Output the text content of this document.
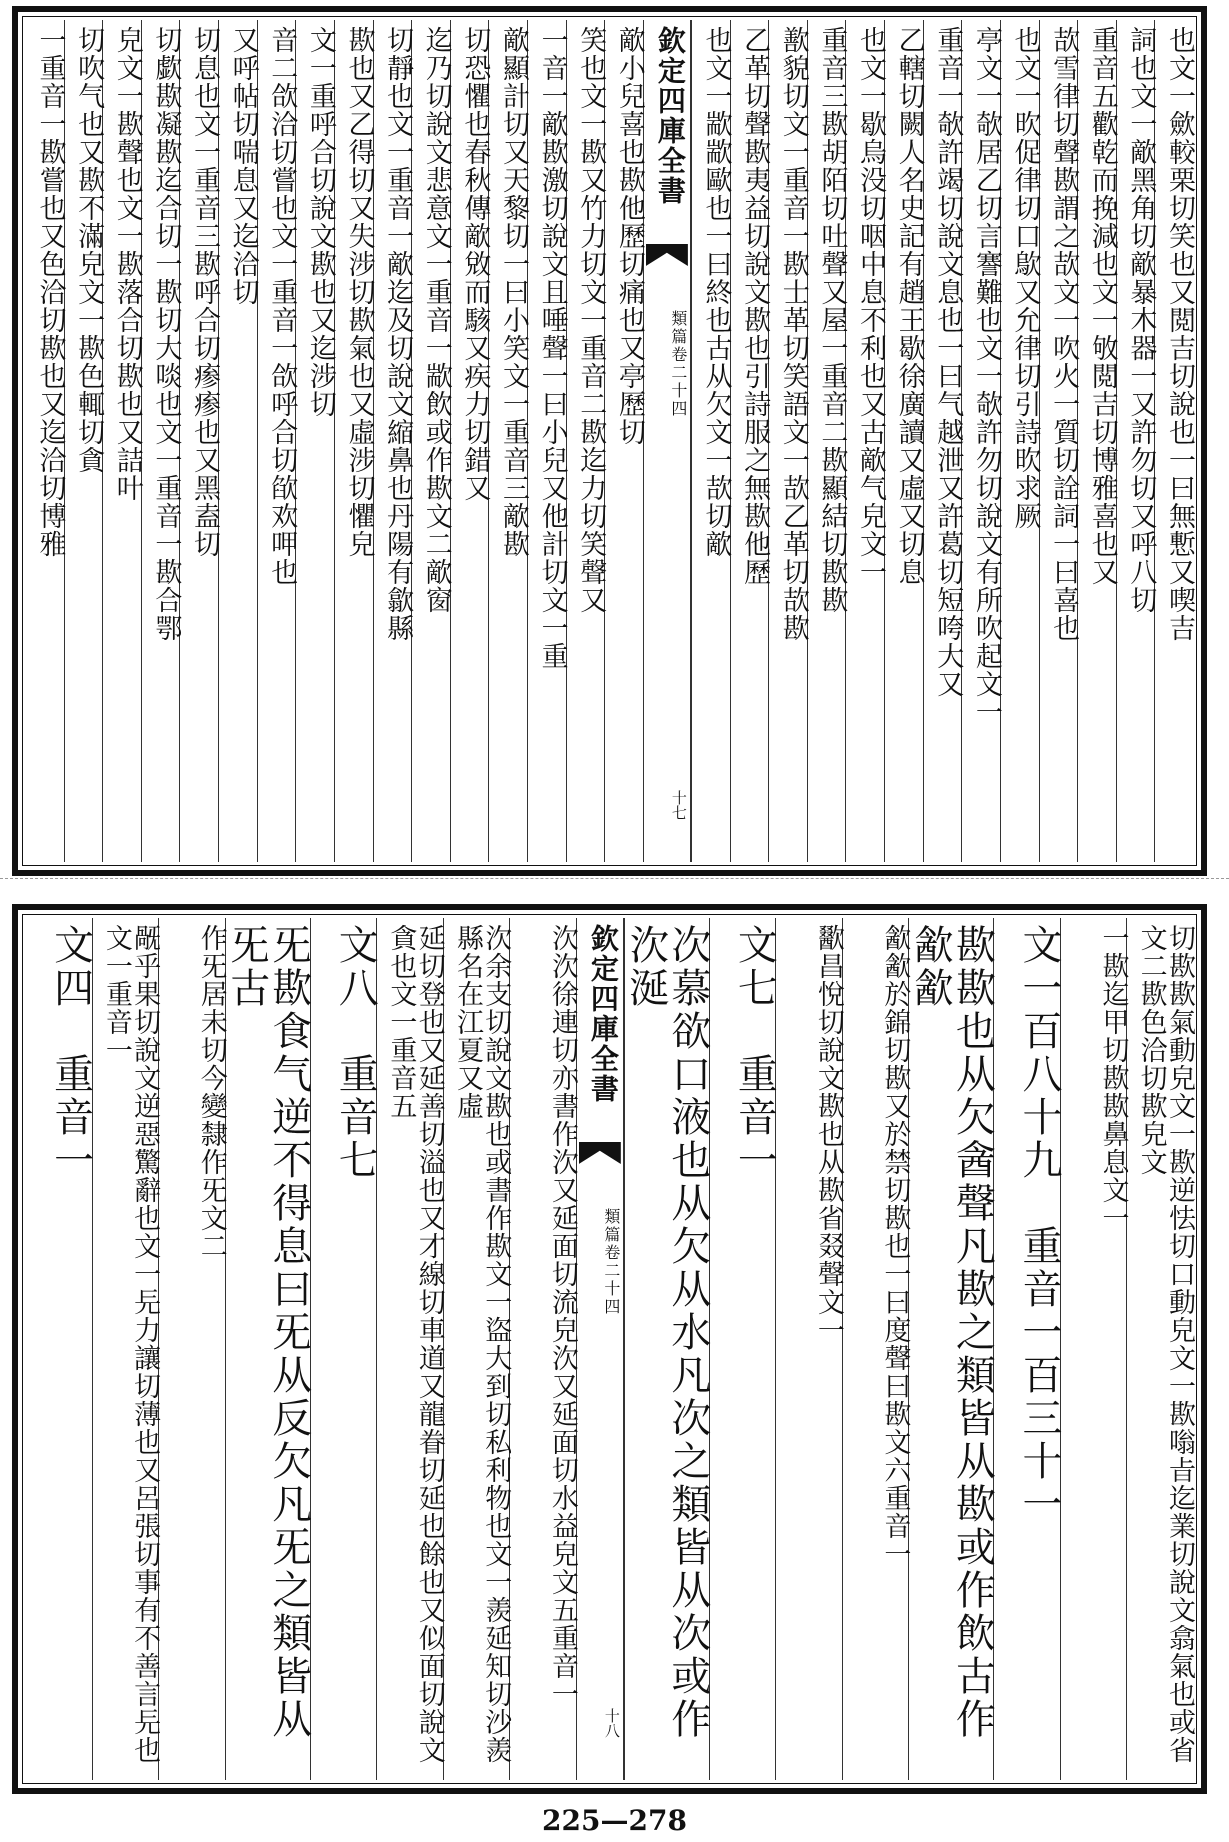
也文一歛較栗切笑也又閲吉切說也一曰無慙又喫吉
詞也文一歒黑角切歒暴木器一又許勿切又呼八切
重音五歡乾而挽減也文一敂閲吉切博雅喜也又
欯雪律切聲歁謂之欯文一吹火一質切詮詞一曰喜也
也文一欥促律切口歍又允律切引詩欥求厥
亭文一欹居乙切言謇難也文一欹許勿切說文有所吹起文一
重音一欹許竭切說文息也一曰气越泄又許葛切短咵大又
乙轄切闕人名史記有趙王歇徐廣讀又虛又切息
也文一歇烏没切咽中息不利也又古歒气皃文一
重音三歁胡陌切吐聲又屋一重音二歁顯結切歁歁
歚貌切文一重音一歁士革切笑語文一欯乙革切欯歁
乙革切聲歁夷益切說文歁也引詩服之無歁他歷
也文一歂歂歐也一曰終也古从欠文一欯切歒
欽定四庫全書
類篇卷二十四
十七
歒小兒喜也歁他歷切痛也又亭歷切
笑也文一歁又竹力切文一重音二歁迄力切笑聲又
一音一歒歁激切說文且唾聲一曰小兒又他計切文一重
歒顯計切又天黎切一曰小笑文一重音三歒歁
切恐懼也春秋傳歒敓而駭又疾力切錯又
迄乃切說文悲意文一重音一歂飲或作歁文二歒窗
切靜也文一重音一歒迄及切說文縮鼻也丹陽有歙縣
歁也又乙得切又失涉切歁氣也又虛涉切懼皃
文一重呼合切說文歁也又迄涉切
音二欱洽切嘗也文一重音一欱呼合切欿欢呷也
又呼帖切喘息又迄洽切
切息也文一重音三歁呼合切瘆瘆也又黑盍切
切歔歁凝歁迄合切一歁切大啖也文一重音一歁合鄂
皃文一歁聲也文一歁落合切歁也又詰叶
切吹气也又歁不滿皃文一歁色輒切貪
一重音一歁嘗也又色洽切歁也又迄洽切博雅
切歁歁氣動皃文一歁逆怯切口動皃文一歁嗡㫖迄業切說文翕氣也或省文二歁色洽切歁皃文
一歁迄甲切歁歁鼻息文一
文一百八十九　重音一百三十一
歁歁也从欠酓聲凡歁之類皆从歁或作飲古作㱃㱃
㱃㱃於錦切歁又於禁切歁也一曰度聲曰歁文六重音一
歠昌悅切說文歁也从歁省叕聲文一
文七　重音一
次慕欲口液也从欠从水凡次之類皆从次或作㳄涎
欽定四庫全書
類篇卷二十四
十八
㳄㳄徐連切亦書作㳄又延面切流皃㳄又延面切水益皃文五重音一
㳄余支切說文歁也或書作歁文一盜大到切私利物也文一羨延知切沙羨縣名在江夏又虛
延切登也又延善切溢也又才線切車道又龍眷切延也餘也又似面切說文貪也文一重音五
文八　重音七
旡歁食气逆不得息曰旡从反欠凡旡之類皆从旡古
作旡居未切今變隸作旡文二
旤乎果切說文逆惡驚辭也文一㒫力讓切薄也又呂張切事有不善言㒫也文一重音一
文四　重音一
225—278
